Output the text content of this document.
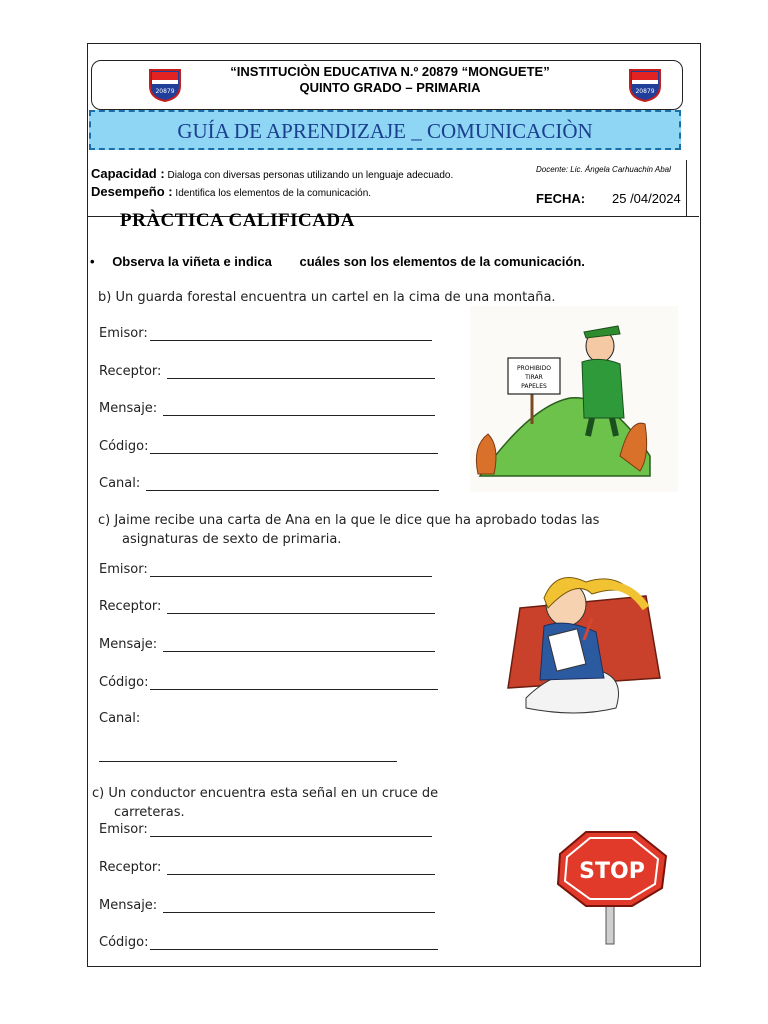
20879	20879
“INSTITUCIÒN EDUCATIVA N.º 20879 “MONGUETE”
QUINTO GRADO – PRIMARIA
GUÍA DE APRENDIZAJE _ COMUNICACIÒN
Capacidad : Dialoga con diversas personas utilizando un lenguaje adecuado.
Desempeño : Identifica los elementos de la comunicación.
Docente: Lic. Ángela Carhuachin Abal
FECHA: 25 /04/2024
PRÀCTICA CALIFICADA
• Observa la viñeta e indica cuáles son los elementos de la comunicación.
b) Un guarda forestal encuentra un cartel en la cima de una montaña.
Emisor:
Receptor:
Mensaje:
Código:
Canal:
PROHIBIDO
TIRAR
PAPELES
c) Jaime recibe una carta de Ana en la que le dice que ha aprobado todas las
asignaturas de sexto de primaria.
Emisor:
Receptor:
Mensaje:
Código:
Canal:
c) Un conductor encuentra esta señal en un cruce de
carreteras.
Emisor:
Receptor:
Mensaje:
Código:
STOP
